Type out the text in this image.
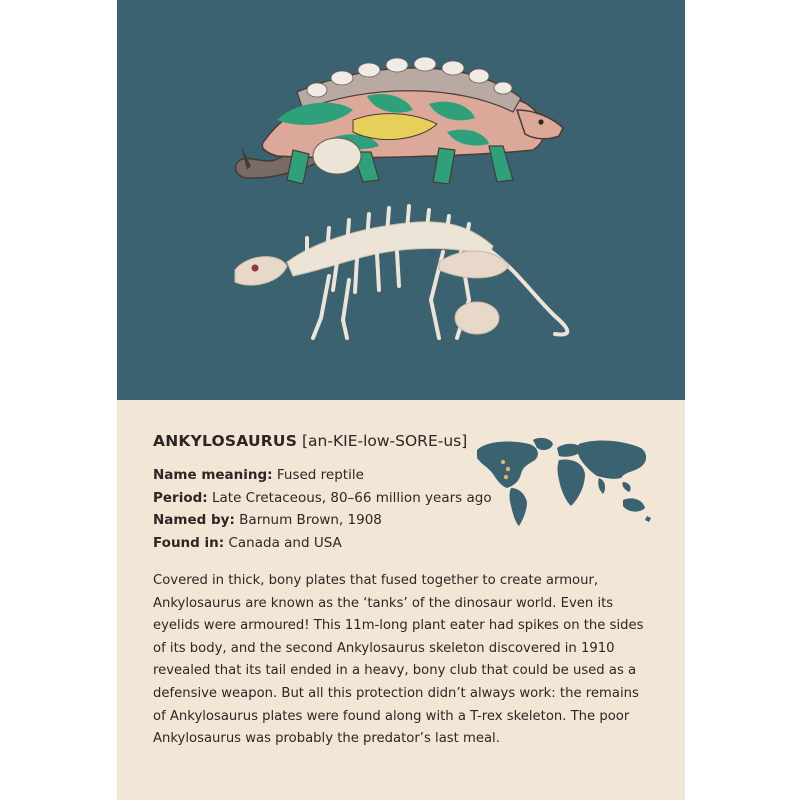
ANKYLOSAURUS [an-KIE-low-SORE-us]
Name meaning: Fused reptile
Period: Late Cretaceous, 80–66 million years ago
Named by: Barnum Brown, 1908
Found in: Canada and USA

Covered in thick, bony plates that fused together to create armour, Ankylosaurus are known as the ‘tanks’ of the dinosaur world. Even its eyelids were armoured! This 11m-long plant eater had spikes on the sides of its body, and the second Ankylosaurus skeleton discovered in 1910 revealed that its tail ended in a heavy, bony club that could be used as a defensive weapon. But all this protection didn’t always work: the remains of Ankylosaurus plates were found along with a T-rex skeleton. The poor Ankylosaurus was probably the predator’s last meal.
